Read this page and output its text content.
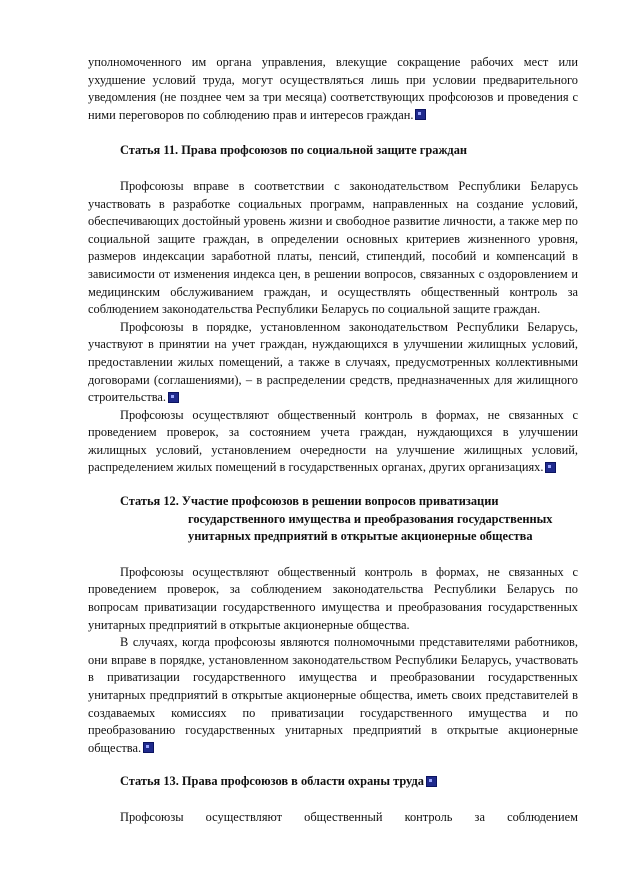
уполномоченного им органа управления, влекущие сокращение рабочих мест или ухудшение условий труда, могут осуществляться лишь при условии предварительного уведомления (не позднее чем за три месяца) соответствующих профсоюзов и проведения с ними переговоров по соблюдению прав и интересов граждан.

Статья 11. Права профсоюзов по социальной защите граждан

Профсоюзы вправе в соответствии с законодательством Республики Беларусь участвовать в разработке социальных программ, направленных на создание условий, обеспечивающих достойный уровень жизни и свободное развитие личности, а также мер по социальной защите граждан, в определении основных критериев жизненного уровня, размеров индексации заработной платы, пенсий, стипендий, пособий и компенсаций в зависимости от изменения индекса цен, в решении вопросов, связанных с оздоровлением и медицинским обслуживанием граждан, и осуществлять общественный контроль за соблюдением законодательства Республики Беларусь по социальной защите граждан.

Профсоюзы в порядке, установленном законодательством Республики Беларусь, участвуют в принятии на учет граждан, нуждающихся в улучшении жилищных условий, предоставлении жилых помещений, а также в случаях, предусмотренных коллективными договорами (соглашениями), – в распределении средств, предназначенных для жилищного строительства.

Профсоюзы осуществляют общественный контроль в формах, не связанных с проведением проверок, за состоянием учета граждан, нуждающихся в улучшении жилищных условий, установлением очередности на улучшение жилищных условий, распределением жилых помещений в государственных органах, других организациях.

Статья 12. Участие профсоюзов в решении вопросов приватизации
государственного имущества и преобразования государственных
унитарных предприятий в открытые акционерные общества

Профсоюзы осуществляют общественный контроль в формах, не связанных с проведением проверок, за соблюдением законодательства Республики Беларусь по вопросам приватизации государственного имущества и преобразования государственных унитарных предприятий в открытые акционерные общества.

В случаях, когда профсоюзы являются полномочными представителями работников, они вправе в порядке, установленном законодательством Республики Беларусь, участвовать в приватизации государственного имущества и преобразовании государственных унитарных предприятий в открытые акционерные общества, иметь своих представителей в создаваемых комиссиях по приватизации государственного имущества и по преобразованию государственных унитарных предприятий в открытые акционерные общества.

Статья 13. Права профсоюзов в области охраны труда

Профсоюзы осуществляют общественный контроль за соблюдением
